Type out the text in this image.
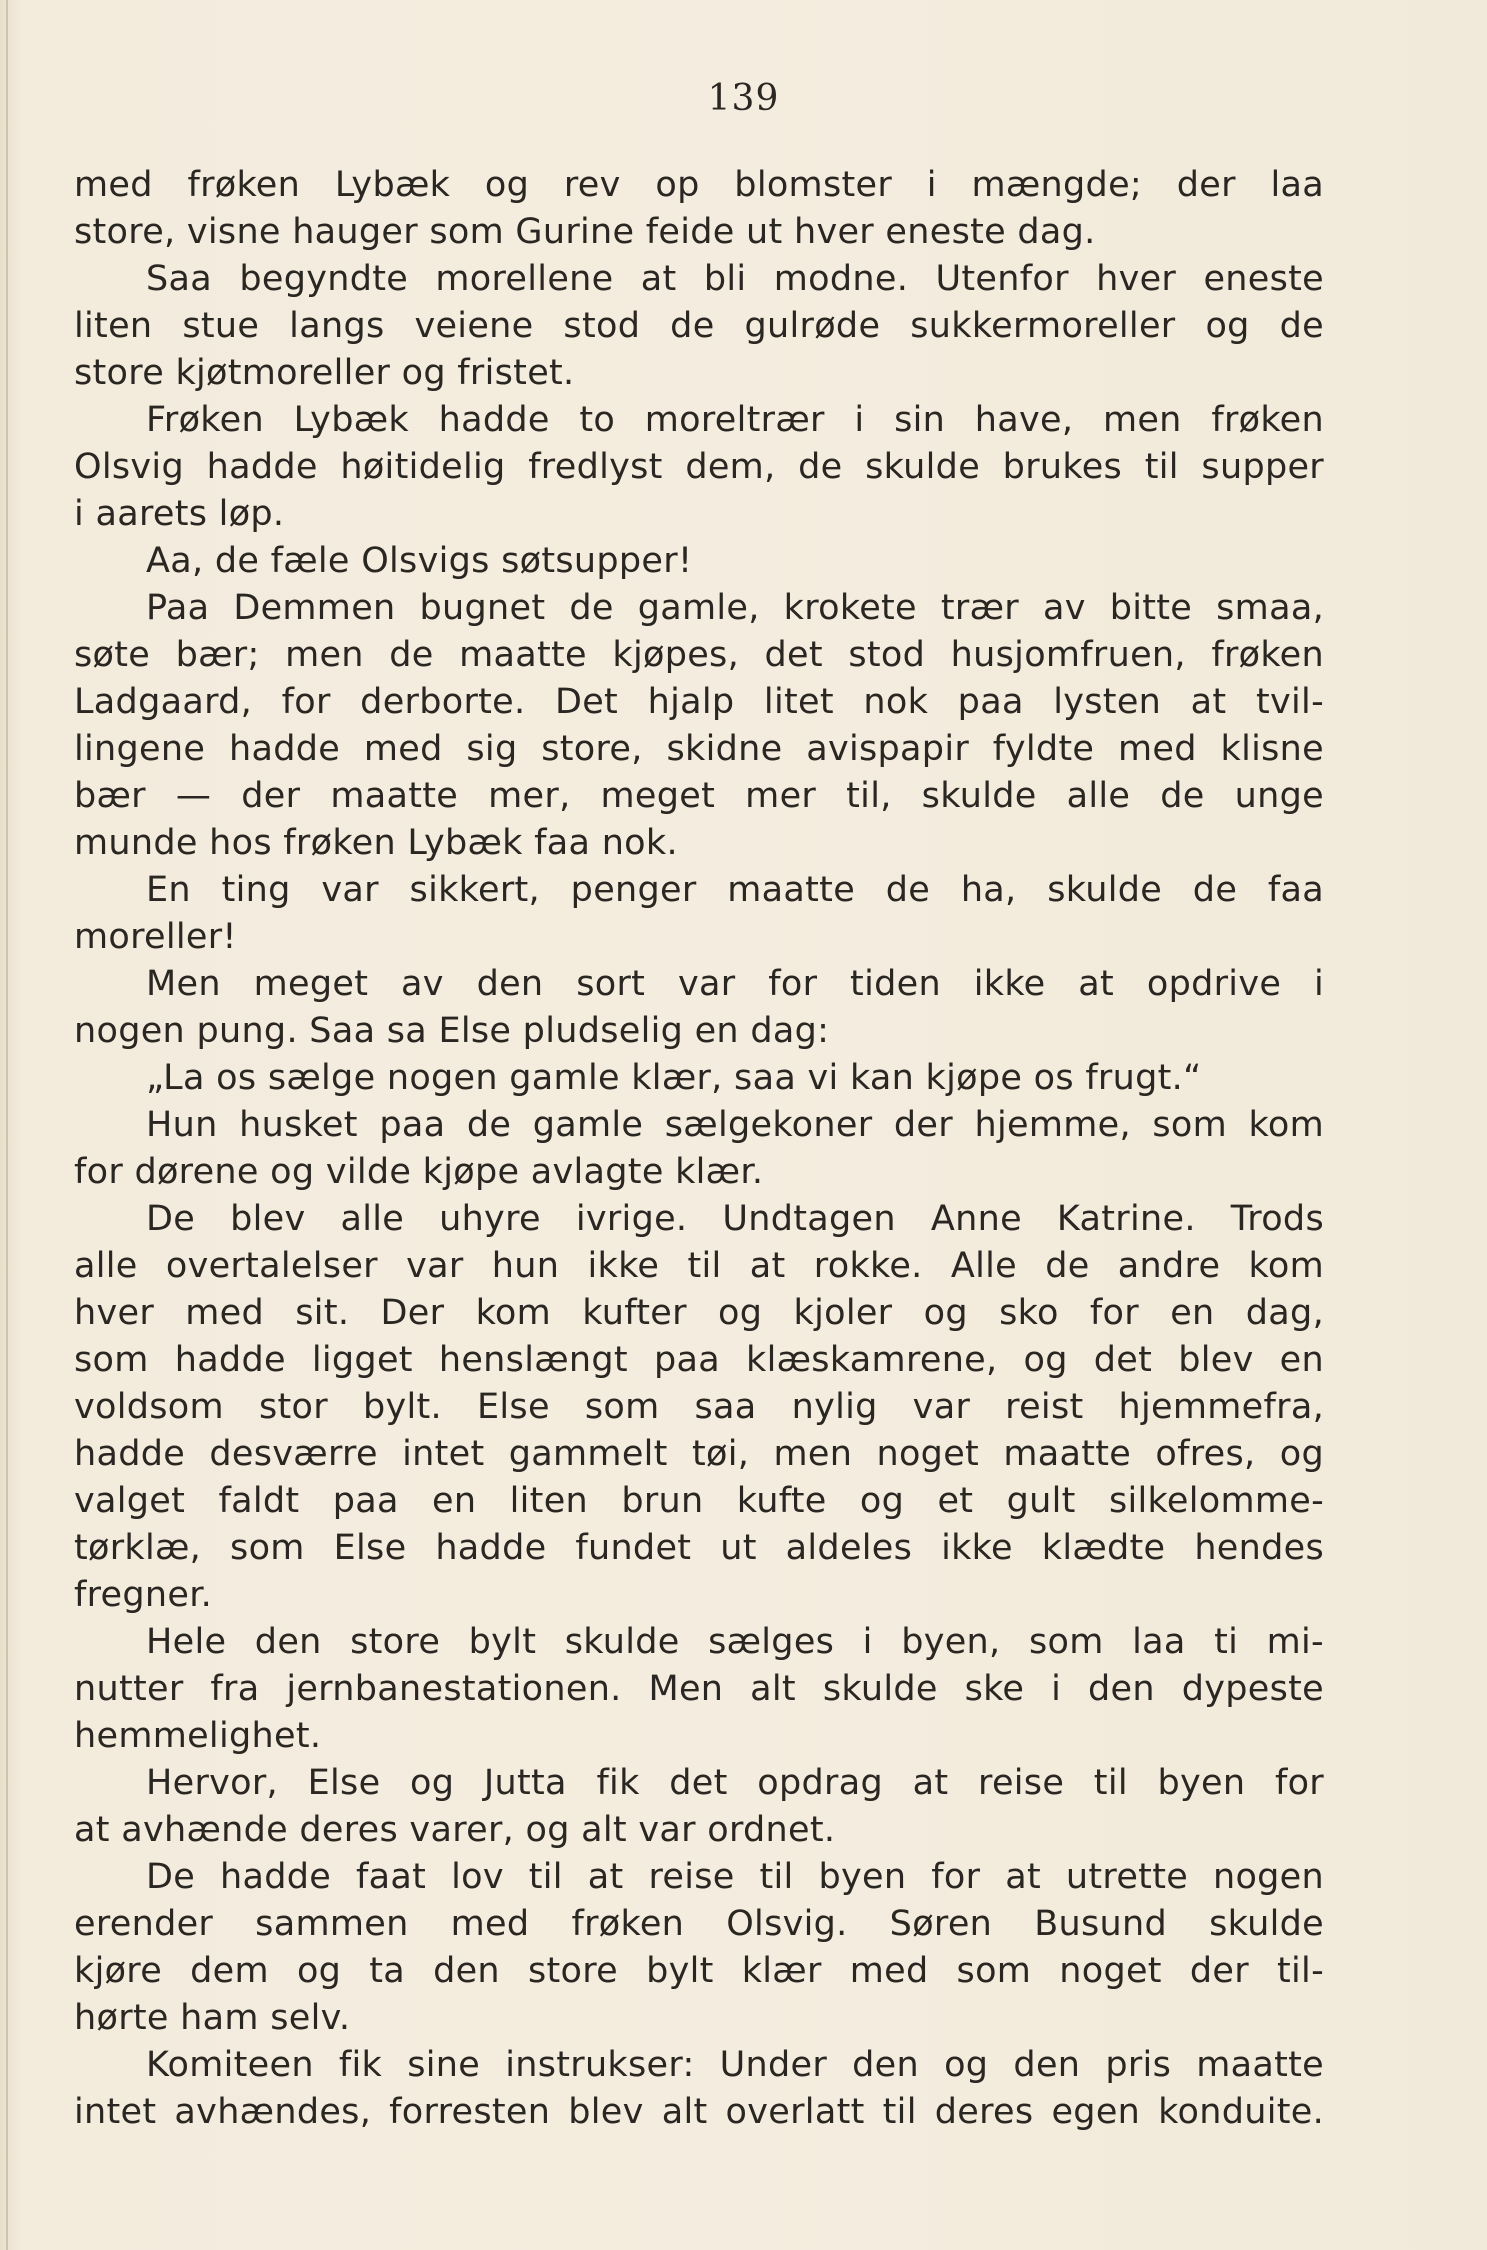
139
med frøken Lybæk og rev op blomster i mængde; der laa
store, visne hauger som Gurine feide ut hver eneste dag.
Saa begyndte morellene at bli modne. Utenfor hver eneste
liten stue langs veiene stod de gulrøde sukkermoreller og de
store kjøtmoreller og fristet.
Frøken Lybæk hadde to moreltrær i sin have, men frøken
Olsvig hadde høitidelig fredlyst dem, de skulde brukes til supper
i aarets løp.
Aa, de fæle Olsvigs søtsupper!
Paa Demmen bugnet de gamle, krokete trær av bitte smaa,
søte bær; men de maatte kjøpes, det stod husjomfruen, frøken
Ladgaard, for derborte. Det hjalp litet nok paa lysten at tvil-
lingene hadde med sig store, skidne avispapir fyldte med klisne
bær — der maatte mer, meget mer til, skulde alle de unge
munde hos frøken Lybæk faa nok.
En ting var sikkert, penger maatte de ha, skulde de faa
moreller!
Men meget av den sort var for tiden ikke at opdrive i
nogen pung. Saa sa Else pludselig en dag:
„La os sælge nogen gamle klær, saa vi kan kjøpe os frugt.“
Hun husket paa de gamle sælgekoner der hjemme, som kom
for dørene og vilde kjøpe avlagte klær.
De blev alle uhyre ivrige. Undtagen Anne Katrine. Trods
alle overtalelser var hun ikke til at rokke. Alle de andre kom
hver med sit. Der kom kufter og kjoler og sko for en dag,
som hadde ligget henslængt paa klæskamrene, og det blev en
voldsom stor bylt. Else som saa nylig var reist hjemmefra,
hadde desværre intet gammelt tøi, men noget maatte ofres, og
valget faldt paa en liten brun kufte og et gult silkelomme-
tørklæ, som Else hadde fundet ut aldeles ikke klædte hendes
fregner.
Hele den store bylt skulde sælges i byen, som laa ti mi-
nutter fra jernbanestationen. Men alt skulde ske i den dypeste
hemmelighet.
Hervor, Else og Jutta fik det opdrag at reise til byen for
at avhænde deres varer, og alt var ordnet.
De hadde faat lov til at reise til byen for at utrette nogen
erender sammen med frøken Olsvig. Søren Busund skulde
kjøre dem og ta den store bylt klær med som noget der til-
hørte ham selv.
Komiteen fik sine instrukser: Under den og den pris maatte
intet avhændes, forresten blev alt overlatt til deres egen konduite.
